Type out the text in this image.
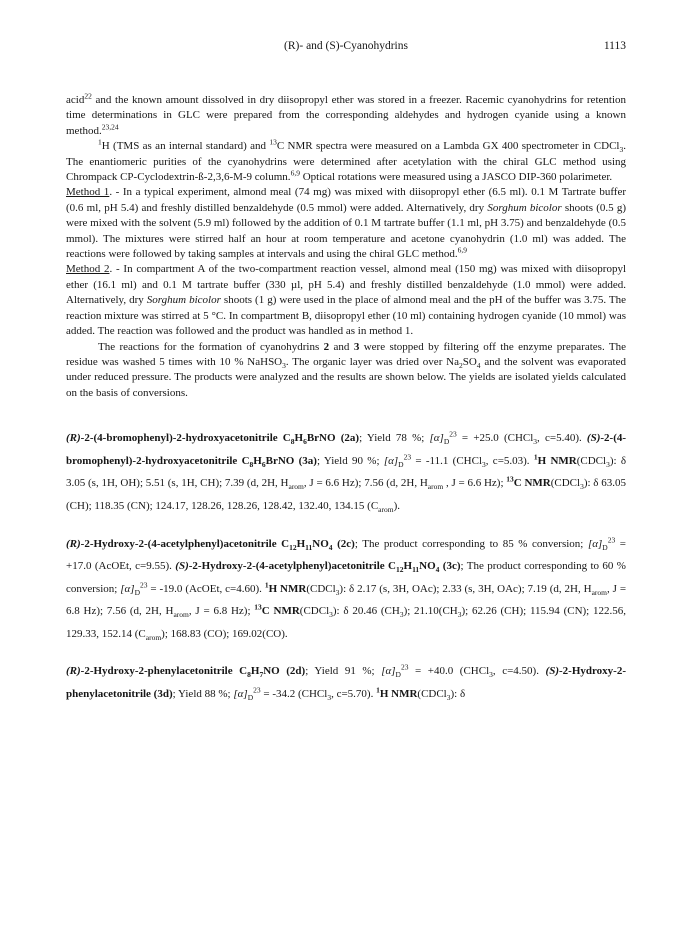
(R)- and (S)-Cyanohydrins	1113

acid$^{22}$ and the known amount dissolved in dry diisopropyl ether was stored in a freezer. Racemic cyanohydrins for retention time determinations in GLC were prepared from the corresponding aldehydes and hydrogen cyanide using a known method.$^{23,24}$

$^1$H (TMS as an internal standard) and $^{13}$C NMR spectra were measured on a Lambda GX 400 spectrometer in CDCl$_3$. The enantiomeric purities of the cyanohydrins were determined after acetylation with the chiral GLC method using Chrompack CP-Cyclodextrin-ß-2,3,6-M-9 column.$^{6,9}$ Optical rotations were measured using a JASCO DIP-360 polarimeter.

Method 1. - In a typical experiment, almond meal (74 mg) was mixed with diisopropyl ether (6.5 ml). 0.1 M Tartrate buffer (0.6 ml, pH 5.4) and freshly distilled benzaldehyde (0.5 mmol) were added. Alternatively, dry Sorghum bicolor shoots (0.5 g) were mixed with the solvent (5.9 ml) followed by the addition of 0.1 M tartrate buffer (1.1 ml, pH 3.75) and benzaldehyde (0.5 mmol). The mixtures were stirred half an hour at room temperature and acetone cyanohydrin (1.0 ml) was added. The reactions were followed by taking samples at intervals and using the chiral GLC method.$^{6,9}$

Method 2. - In compartment A of the two-compartment reaction vessel, almond meal (150 mg) was mixed with diisopropyl ether (16.1 ml) and 0.1 M tartrate buffer (330 µl, pH 5.4) and freshly distilled benzaldehyde (1.0 mmol) were added. Alternatively, dry Sorghum bicolor shoots (1 g) were used in the place of almond meal and the pH of the buffer was 3.75. The reaction mixture was stirred at 5 °C. In compartment B, diisopropyl ether (10 ml) containing hydrogen cyanide (10 mmol) was added. The reaction was followed and the product was handled as in method 1.

The reactions for the formation of cyanohydrins 2 and 3 were stopped by filtering off the enzyme preparates. The residue was washed 5 times with 10 % NaHSO$_3$. The organic layer was dried over $Na_2SO_4$ and the solvent was evaporated under reduced pressure. The products were analyzed and the results are shown below. The yields are isolated yields calculated on the basis of conversions.

(R)-2-(4-bromophenyl)-2-hydroxyacetonitrile $C_8H_6BrNO$ (2a); Yield 78 %; $[\alpha]_D^{23} = +25.0$ (CHCl$_3$, c=5.40). (S)-2-(4-bromophenyl)-2-hydroxyacetonitrile $C_8H_6BrNO$ (3a); Yield 90 %; $[\alpha]_D^{23} = -11.1$ (CHCl$_3$, c=5.03). $^1$H NMR(CDCl$_3$): δ 3.05 (s, 1H, OH); 5.51 (s, 1H, CH); 7.39 (d, 2H, $H_{arom}$, J = 6.6 Hz); 7.56 (d, 2H, $H_{arom}$ , J = 6.6 Hz); $^{13}$C NMR(CDCl$_3$): δ 63.05 (CH); 118.35 (CN); 124.17, 128.26, 128.26, 128.42, 132.40, 134.15 $(C_{arom})$.

(R)-2-Hydroxy-2-(4-acetylphenyl)acetonitrile $C_{12}H_{11}NO_4$ (2c); The product corresponding to 85 % conversion; $[\alpha]_D^{23} = +17.0$ (AcOEt, c=9.55). (S)-2-Hydroxy-2-(4-acetylphenyl)acetonitrile $C_{12}H_{11}NO_4$ (3c); The product corresponding to 60 % conversion; $[\alpha]_D^{23} = -19.0$ (AcOEt, c=4.60). $^1$H NMR(CDCl$_3$): δ 2.17 (s, 3H, OAc); 2.33 (s, 3H, OAc); 7.19 (d, 2H, $H_{arom}$, J = 6.8 Hz); 7.56 (d, 2H, $H_{arom}$, J = 6.8 Hz); $^{13}$C NMR(CDCl$_3$): δ 20.46 $(CH_3)$; $21.10(CH_3)$; 62.26 (CH); 115.94 (CN); 122.56, 129.33, 152.14 $(C_{arom})$; 168.83 (CO); 169.02(CO).

(R)-2-Hydroxy-2-phenylacetonitrile $C_8H_7NO$ (2d); Yield 91 %; $[\alpha]_D^{23} = +40.0$ (CHCl$_3$, c=4.50). (S)-2-Hydroxy-2-phenylacetonitrile (3d); Yield 88 %; $[\alpha]_D^{23} = -34.2$ (CHCl$_3$, c=5.70). $^1$H NMR(CDCl$_3$): δ
